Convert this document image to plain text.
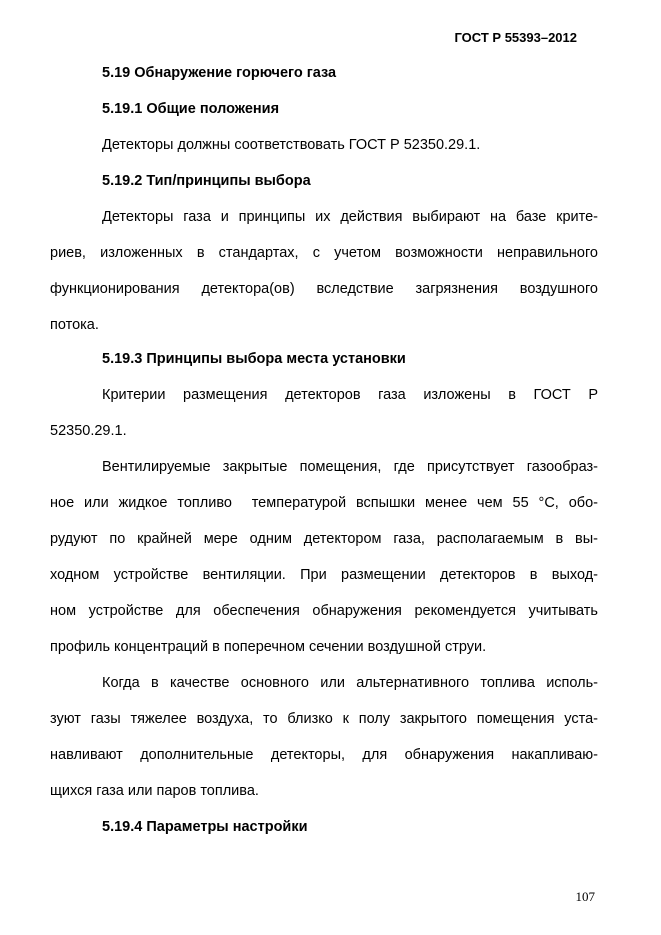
ГОСТ Р 55393–2012
5.19 Обнаружение горючего газа
5.19.1 Общие положения
Детекторы должны соответствовать ГОСТ Р 52350.29.1.
5.19.2 Тип/принципы выбора
Детекторы газа и принципы их действия выбирают на базе крите-
риев, изложенных в стандартах, с учетом возможности неправильного
функционирования детектора(ов) вследствие загрязнения воздушного
потока.
5.19.3 Принципы выбора места установки
Критерии размещения детекторов газа изложены в ГОСТ Р
52350.29.1.
Вентилируемые закрытые помещения, где присутствует газообраз-
ное или жидкое топливо  температурой вспышки менее чем 55 °С, обо-
рудуют по крайней мере одним детектором газа, располагаемым в вы-
ходном устройстве вентиляции. При размещении детекторов в выход-
ном устройстве для обеспечения обнаружения рекомендуется учитывать
профиль концентраций в поперечном сечении воздушной струи.
Когда в качестве основного или альтернативного топлива исполь-
зуют газы тяжелее воздуха, то близко к полу закрытого помещения уста-
навливают дополнительные детекторы, для обнаружения накапливаю-
щихся газа или паров топлива.
5.19.4 Параметры настройки
107
